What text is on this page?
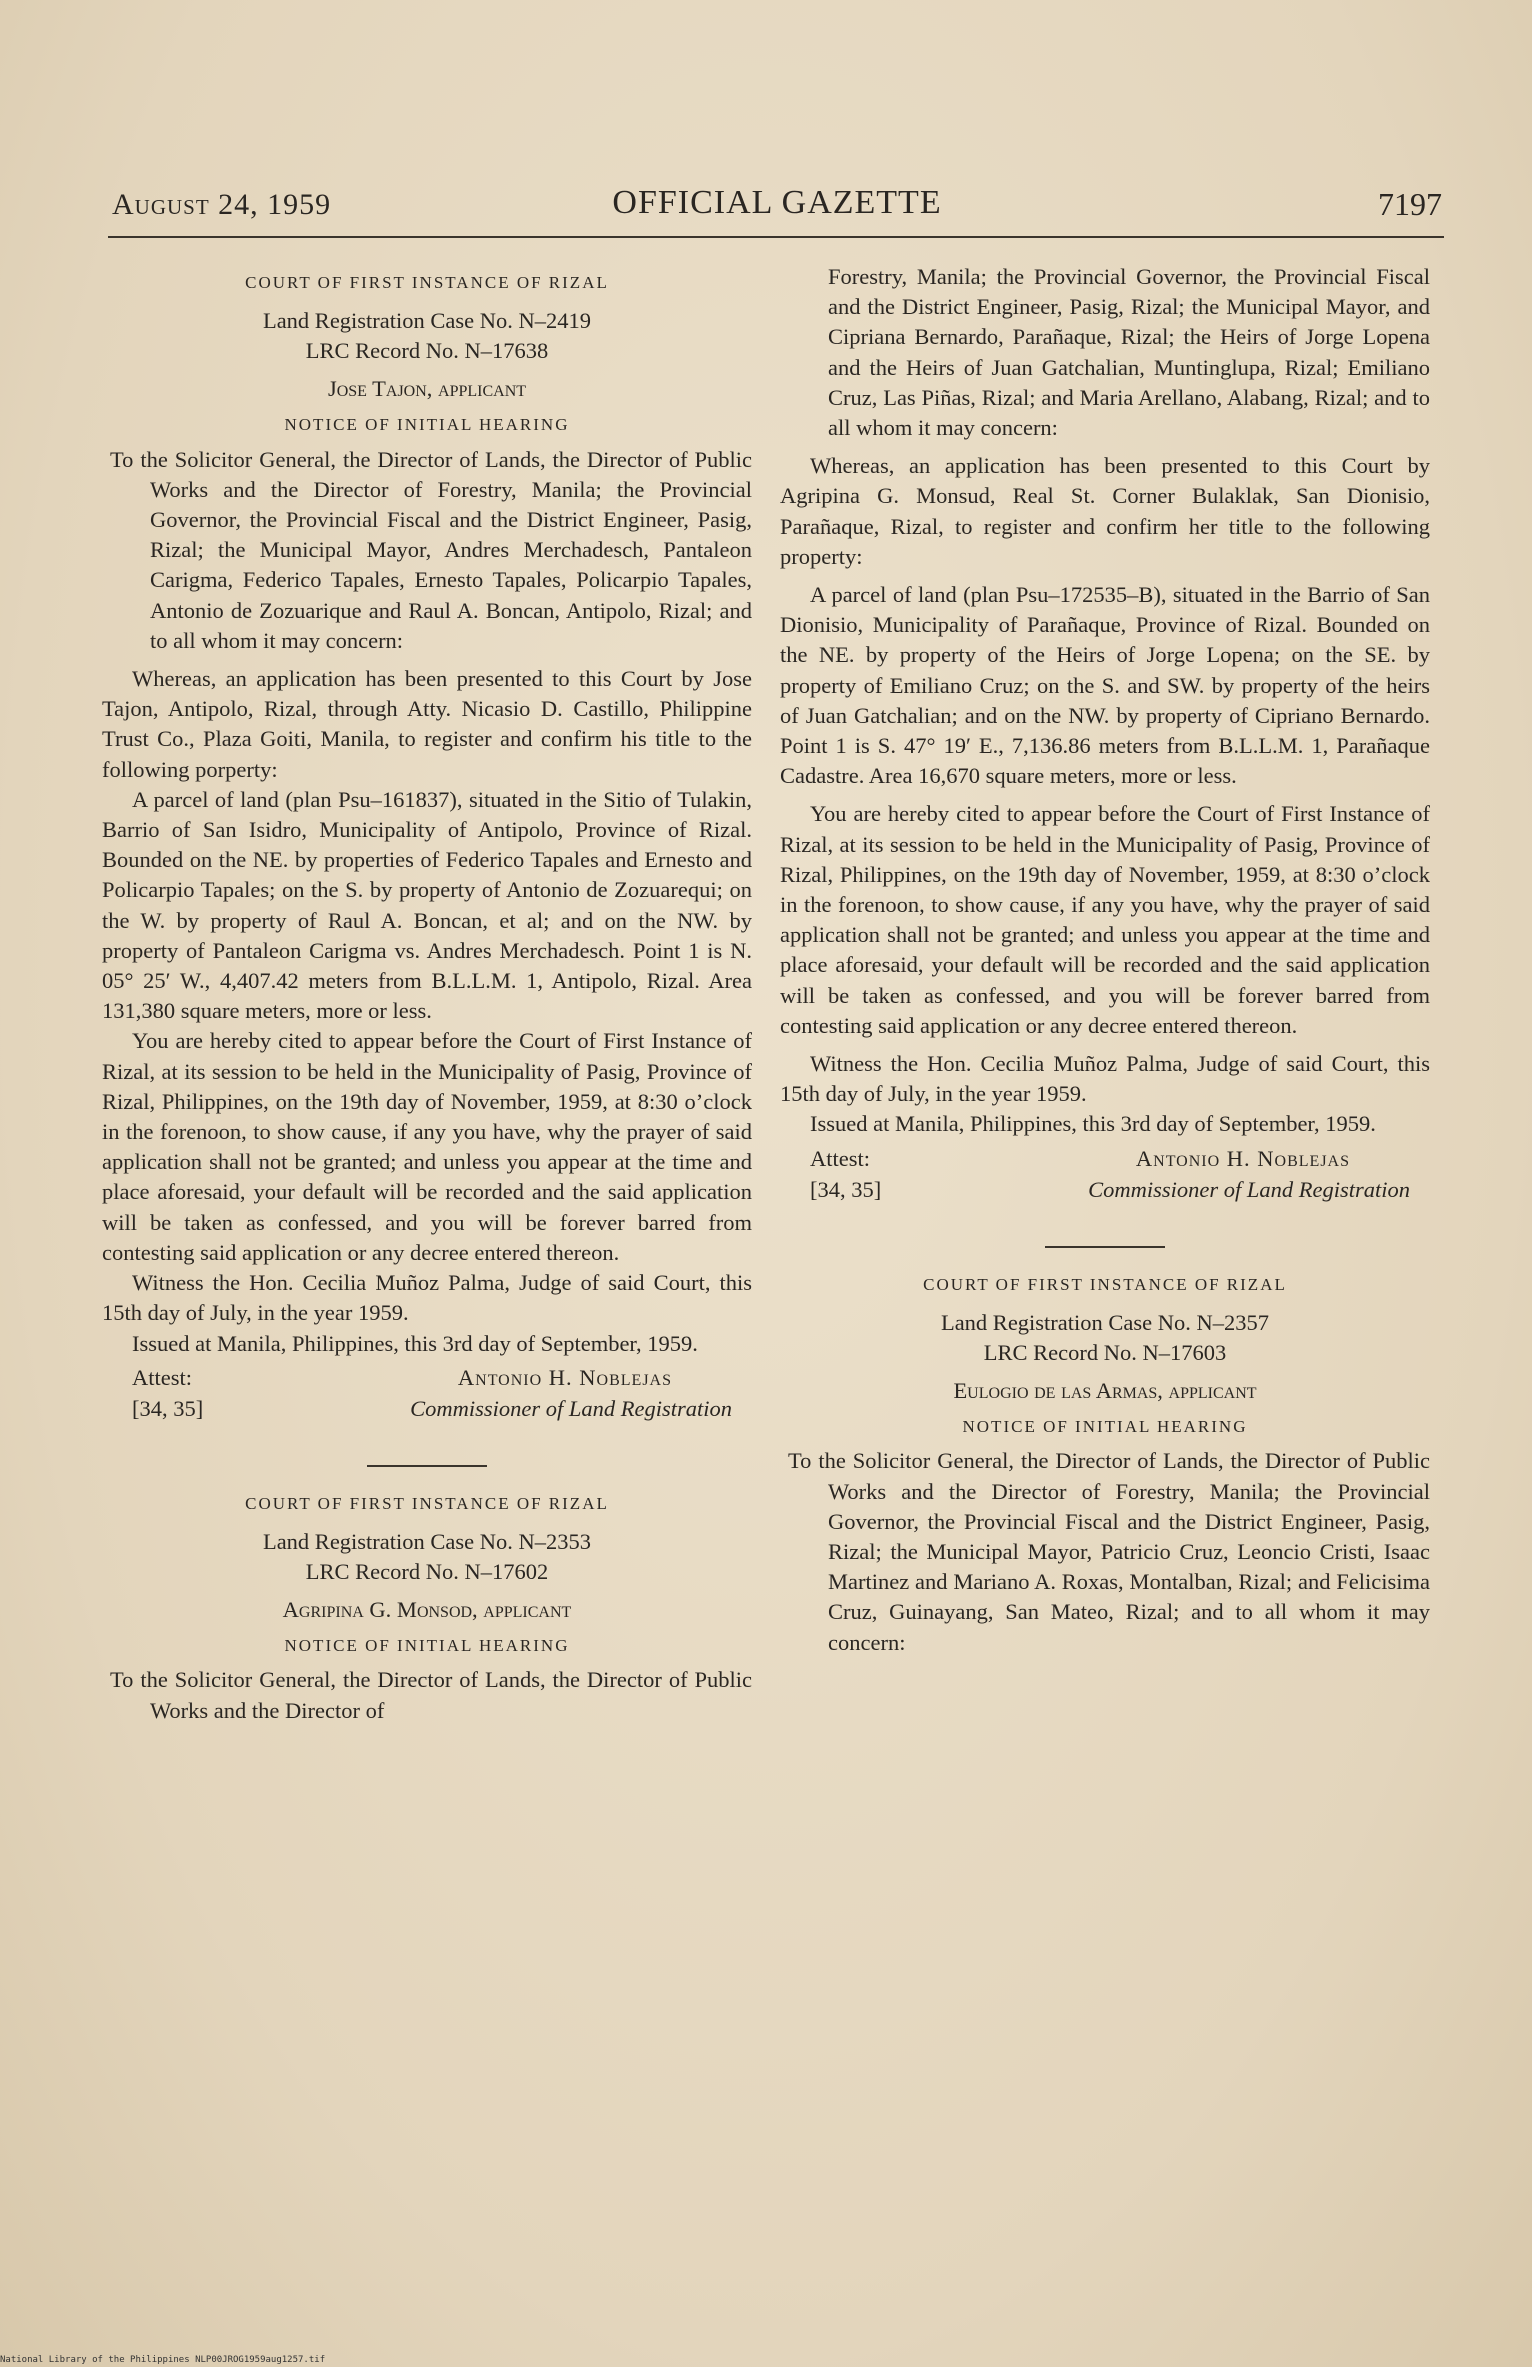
August 24, 1959	OFFICIAL GAZETTE	7197
COURT OF FIRST INSTANCE OF RIZAL

Land Registration Case No. N–2419

LRC Record No. N–17638

Jose Tajon, applicant

NOTICE OF INITIAL HEARING

To the Solicitor General, the Director of Lands, the Director of Public Works and the Director of Forestry, Manila; the Provincial Governor, the Provincial Fiscal and the District Engineer, Pasig, Rizal; the Municipal Mayor, Andres Merchadesch, Pantaleon Carigma, Federico Tapales, Ernesto Tapales, Policarpio Tapales, Antonio de Zozuarique and Raul A. Boncan, Antipolo, Rizal; and to all whom it may concern:

Whereas, an application has been presented to this Court by Jose Tajon, Antipolo, Rizal, through Atty. Nicasio D. Castillo, Philippine Trust Co., Plaza Goiti, Manila, to register and confirm his title to the following porperty:

A parcel of land (plan Psu–161837), situated in the Sitio of Tulakin, Barrio of San Isidro, Municipality of Antipolo, Province of Rizal. Bounded on the NE. by properties of Federico Tapales and Ernesto and Policarpio Tapales; on the S. by property of Antonio de Zozuarequi; on the W. by property of Raul A. Boncan, et al; and on the NW. by property of Pantaleon Carigma vs. Andres Merchadesch. Point 1 is N. 05° 25′ W., 4,407.42 meters from B.L.L.M. 1, Antipolo, Rizal. Area 131,380 square meters, more or less.

You are hereby cited to appear before the Court of First Instance of Rizal, at its session to be held in the Municipality of Pasig, Province of Rizal, Philippines, on the 19th day of November, 1959, at 8:30 o’clock in the forenoon, to show cause, if any you have, why the prayer of said application shall not be granted; and unless you appear at the time and place aforesaid, your default will be recorded and the said application will be taken as confessed, and you will be forever barred from contesting said application or any decree entered thereon.

Witness the Hon. Cecilia Muñoz Palma, Judge of said Court, this 15th day of July, in the year 1959.

Issued at Manila, Philippines, this 3rd day of September, 1959.

Attest:
[34, 35]
Antonio H. Noblejas
Commissioner of Land Registration
COURT OF FIRST INSTANCE OF RIZAL

Land Registration Case No. N–2353

LRC Record No. N–17602

Agripina G. Monsod, applicant

NOTICE OF INITIAL HEARING

To the Solicitor General, the Director of Lands, the Director of Public Works and the Director of

Forestry, Manila; the Provincial Governor, the Provincial Fiscal and the District Engineer, Pasig, Rizal; the Municipal Mayor, and Cipriana Bernardo, Parañaque, Rizal; the Heirs of Jorge Lopena and the Heirs of Juan Gatchalian, Muntinglupa, Rizal; Emiliano Cruz, Las Piñas, Rizal; and Maria Arellano, Alabang, Rizal; and to all whom it may concern:

Whereas, an application has been presented to this Court by Agripina G. Monsud, Real St. Corner Bulaklak, San Dionisio, Parañaque, Rizal, to register and confirm her title to the following property:

A parcel of land (plan Psu–172535–B), situated in the Barrio of San Dionisio, Municipality of Parañaque, Province of Rizal. Bounded on the NE. by property of the Heirs of Jorge Lopena; on the SE. by property of Emiliano Cruz; on the S. and SW. by property of the heirs of Juan Gatchalian; and on the NW. by property of Cipriano Bernardo. Point 1 is S. 47° 19′ E., 7,136.86 meters from B.L.L.M. 1, Parañaque Cadastre. Area 16,670 square meters, more or less.

You are hereby cited to appear before the Court of First Instance of Rizal, at its session to be held in the Municipality of Pasig, Province of Rizal, Philippines, on the 19th day of November, 1959, at 8:30 o’clock in the forenoon, to show cause, if any you have, why the prayer of said application shall not be granted; and unless you appear at the time and place aforesaid, your default will be recorded and the said application will be taken as confessed, and you will be forever barred from contesting said application or any decree entered thereon.

Witness the Hon. Cecilia Muñoz Palma, Judge of said Court, this 15th day of July, in the year 1959.

Issued at Manila, Philippines, this 3rd day of September, 1959.

Attest:
[34, 35]
Antonio H. Noblejas
Commissioner of Land Registration
COURT OF FIRST INSTANCE OF RIZAL

Land Registration Case No. N–2357

LRC Record No. N–17603

Eulogio de las Armas, applicant

NOTICE OF INITIAL HEARING

To the Solicitor General, the Director of Lands, the Director of Public Works and the Director of Forestry, Manila; the Provincial Governor, the Provincial Fiscal and the District Engineer, Pasig, Rizal; the Municipal Mayor, Patricio Cruz, Leoncio Cristi, Isaac Martinez and Mariano A. Roxas, Montalban, Rizal; and Felicisima Cruz, Guinayang, San Mateo, Rizal; and to all whom it may concern:

National Library of the Philippines NLP00JROG1959aug1257.tif
